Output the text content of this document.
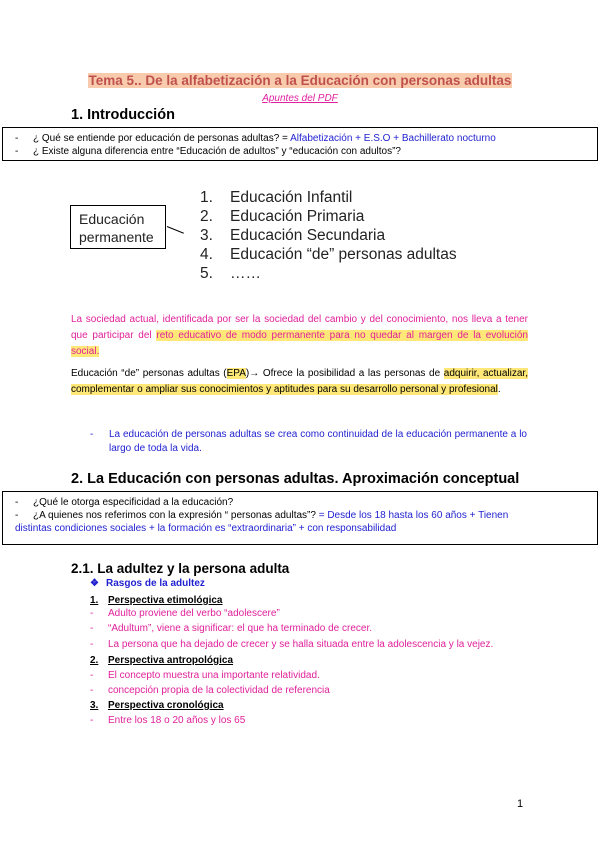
Tema 5.. De la alfabetización a la Educación con personas adultas
Apuntes del PDF
1. Introducción
-	¿ Qué se entiende por educación de personas adultas? = Alfabetización + E.S.O + Bachillerato nocturno
-	¿ Existe alguna diferencia entre “Educación de adultos” y “educación con adultos”?
Educación permanente
1.	Educación Infantil
2.	Educación Primaria
3.	Educación Secundaria
4.	Educación “de” personas adultas
5.	……
La sociedad actual, identificada por ser la sociedad del cambio y del conocimiento, nos lleva a tener que participar del reto educativo de modo permanente para no quedar al margen de la evolución social.
Educación “de” personas adultas (EPA)→ Ofrece la posibilidad a las personas de adquirir, actualizar, complementar o ampliar sus conocimientos y aptitudes para su desarrollo personal y profesional.
-	La educación de personas adultas se crea como continuidad de la educación permanente a lo largo de toda la vida.
2. La Educación con personas adultas. Aproximación conceptual
-	¿Qué le otorga especificidad a la educación?
-	¿A quienes nos referimos con la expresión “ personas adultas”? = Desde los 18 hasta los 60 años + Tienen
distintas condiciones sociales + la formación es “extraordinaria” + con responsabilidad
2.1. La adultez y la persona adulta
❖ Rasgos de la adultez
1. Perspectiva etimológica
-	Adulto proviene del verbo “adolescere”
-	“Adultum”, viene a significar: el que ha terminado de crecer.
-	La persona que ha dejado de crecer y se halla situada entre la adolescencia y la vejez.
2. Perspectiva antropológica
-	El concepto muestra una importante relatividad.
-	concepción propia de la colectividad de referencia
3. Perspectiva cronológica
-	Entre los 18 o 20 años y los 65
1
